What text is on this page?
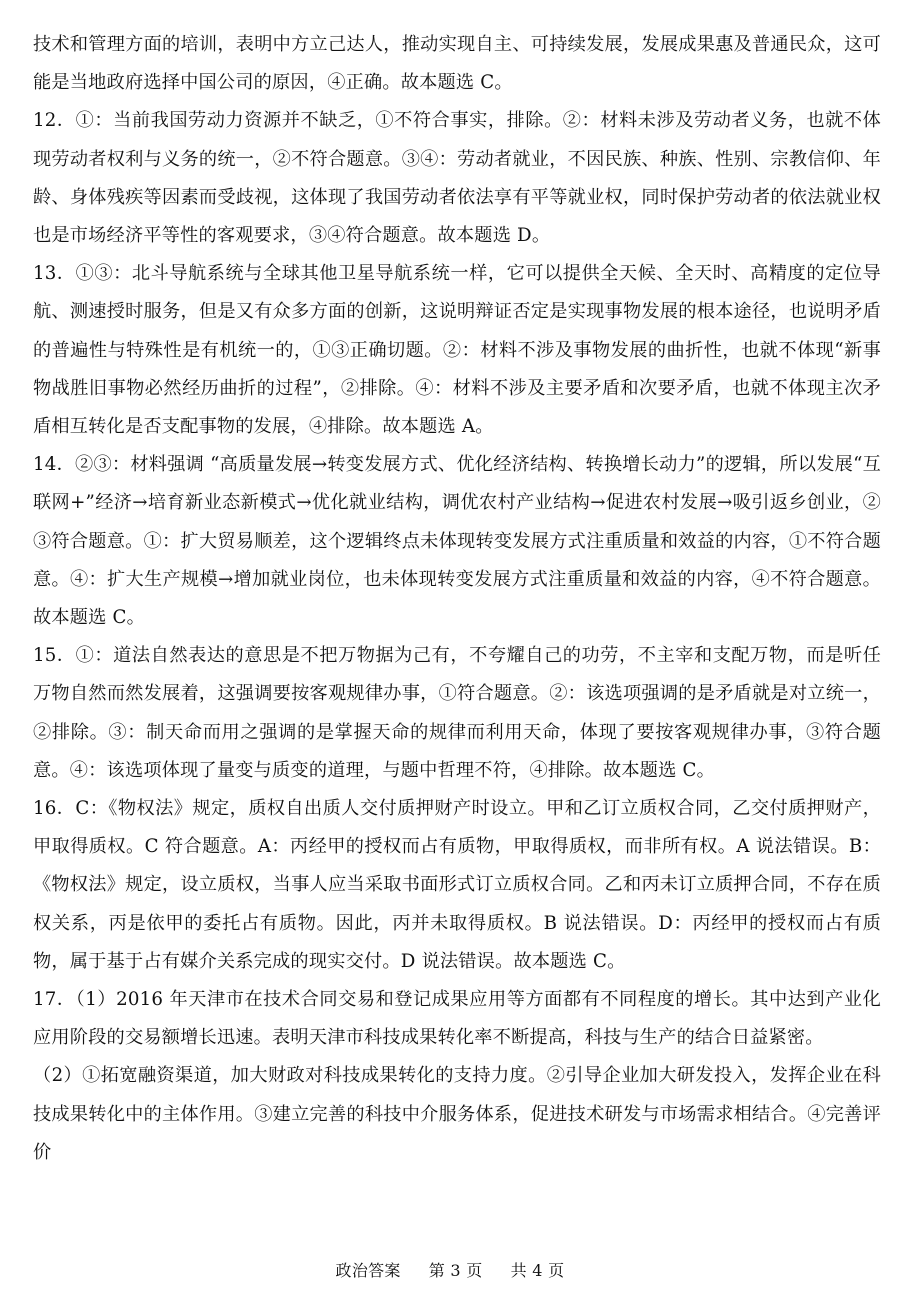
技术和管理方面的培训，表明中方立己达人，推动实现自主、可持续发展，发展成果惠及普通民众，这可能是当地政府选择中国公司的原因，④正确。故本题选 C。

12．①：当前我国劳动力资源并不缺乏，①不符合事实，排除。②：材料未涉及劳动者义务，也就不体现劳动者权利与义务的统一，②不符合题意。③④：劳动者就业，不因民族、种族、性别、宗教信仰、年龄、身体残疾等因素而受歧视，这体现了我国劳动者依法享有平等就业权，同时保护劳动者的依法就业权也是市场经济平等性的客观要求，③④符合题意。故本题选 D。

13．①③：北斗导航系统与全球其他卫星导航系统一样，它可以提供全天候、全天时、高精度的定位导航、测速授时服务，但是又有众多方面的创新，这说明辩证否定是实现事物发展的根本途径，也说明矛盾的普遍性与特殊性是有机统一的，①③正确切题。②：材料不涉及事物发展的曲折性，也就不体现“新事物战胜旧事物必然经历曲折的过程”，②排除。④：材料不涉及主要矛盾和次要矛盾，也就不体现主次矛盾相互转化是否支配事物的发展，④排除。故本题选 A。

14．②③：材料强调 “高质量发展→转变发展方式、优化经济结构、转换增长动力”的逻辑，所以发展“互联网+”经济→培育新业态新模式→优化就业结构，调优农村产业结构→促进农村发展→吸引返乡创业，②③符合题意。①：扩大贸易顺差，这个逻辑终点未体现转变发展方式注重质量和效益的内容，①不符合题意。④：扩大生产规模→增加就业岗位，也未体现转变发展方式注重质量和效益的内容，④不符合题意。故本题选 C。

15．①：道法自然表达的意思是不把万物据为己有，不夸耀自己的功劳，不主宰和支配万物，而是听任万物自然而然发展着，这强调要按客观规律办事，①符合题意。②：该选项强调的是矛盾就是对立统一，②排除。③：制天命而用之强调的是掌握天命的规律而利用天命，体现了要按客观规律办事，③符合题意。④：该选项体现了量变与质变的道理，与题中哲理不符，④排除。故本题选 C。

16．C：《物权法》规定，质权自出质人交付质押财产时设立。甲和乙订立质权合同，乙交付质押财产，甲取得质权。C 符合题意。A：丙经甲的授权而占有质物，甲取得质权，而非所有权。A 说法错误。B：《物权法》规定，设立质权，当事人应当采取书面形式订立质权合同。乙和丙未订立质押合同，不存在质权关系，丙是依甲的委托占有质物。因此，丙并未取得质权。B 说法错误。D：丙经甲的授权而占有质物，属于基于占有媒介关系完成的现实交付。D 说法错误。故本题选 C。

17．（1）2016 年天津市在技术合同交易和登记成果应用等方面都有不同程度的增长。其中达到产业化应用阶段的交易额增长迅速。表明天津市科技成果转化率不断提高，科技与生产的结合日益紧密。

（2）①拓宽融资渠道，加大财政对科技成果转化的支持力度。②引导企业加大研发投入，发挥企业在科技成果转化中的主体作用。③建立完善的科技中介服务体系，促进技术研发与市场需求相结合。④完善评价

政治答案 第 3 页 共 4 页
